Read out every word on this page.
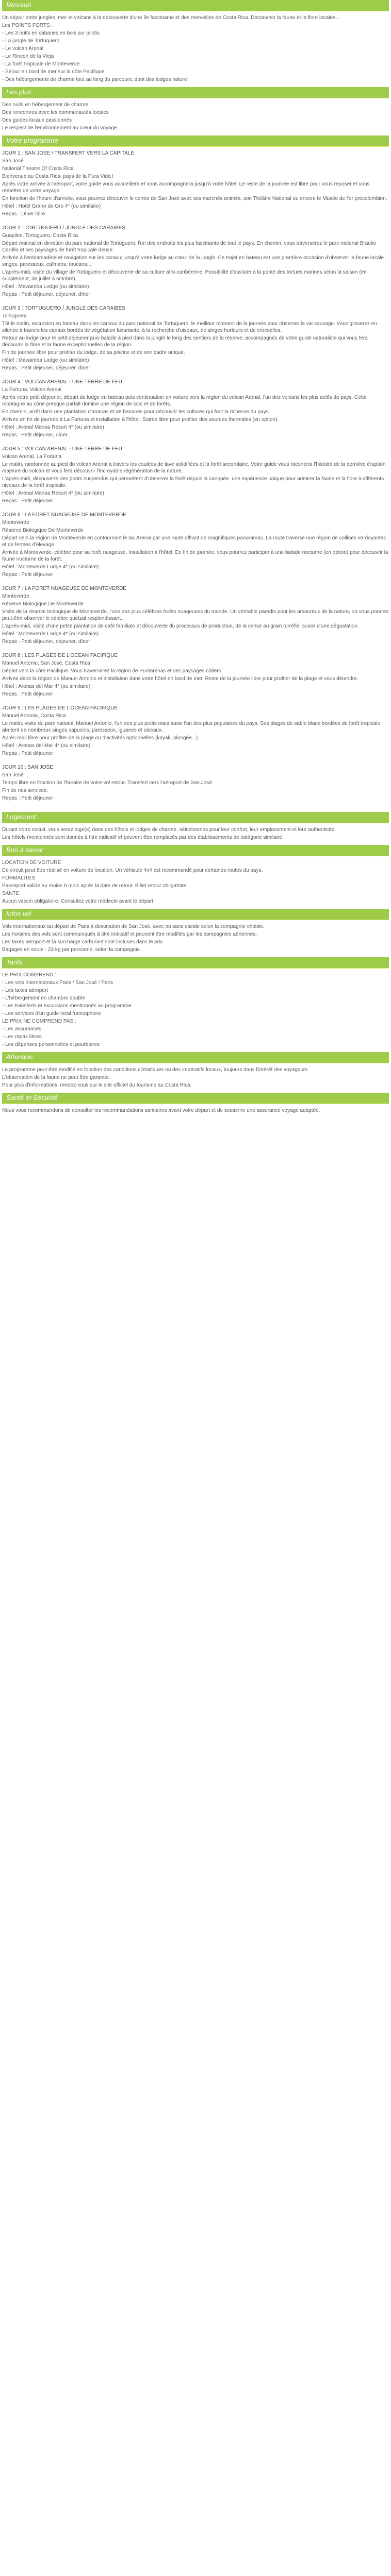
Résumé

Un séjour entre jungles, mer et volcans à la découverte d'une île fascinante et des merveilles de Costa Rica. Découvrez la faune et la flore locales...

Les POINTS FORTS :

- Les 3 nuits en cabanes en bois sur pilotis

- La jungle de Tortuguero

- Le volcan Arenal

- Le Rincon de la Vieja

- La forêt tropicale de Monteverde

- Séjour en bord de mer sur la côte Pacifique

- Des hébergements de charme tout au long du parcours, dont des lodges nature

Les plus

Des nuits en hébergement de charme

Des rencontres avec les communautés locales

Des guides locaux passionnés

Le respect de l'environnement au cœur du voyage

Votre programme
JOUR 1 : SAN JOSE / TRANSFERT VERS LA CAPITALE

San José

National Theatre Of Costa Rica

Bienvenue au Costa Rica, pays de la Pura Vida !

Après votre arrivée à l'aéroport, votre guide vous accueillera et vous accompagnera jusqu'à votre hôtel. Le reste de la journée est libre pour vous reposer et vous remettre de votre voyage.

En fonction de l'heure d'arrivée, vous pourrez découvrir le centre de San José avec ses marchés animés, son Théâtre National ou encore le Musée de l'or précolombien.

Hôtel : Hotel Grano de Oro 4* (ou similaire)

Repas : Dîner libre

JOUR 2 : TORTUGUERO / JUNGLE DES CARAIBES

Guapiles, Tortuguero, Costa Rica

Départ matinal en direction du parc national de Tortuguero, l'un des endroits les plus fascinants de tout le pays. En chemin, vous traverserez le parc national Braulio Carrillo et ses paysages de forêt tropicale dense.

Arrivée à l'embarcadère et navigation sur les canaux jusqu'à votre lodge au cœur de la jungle. Ce trajet en bateau est une première occasion d'observer la faune locale : singes, paresseux, caïmans, toucans...

L'après-midi, visite du village de Tortuguero et découverte de sa culture afro-caribéenne. Possibilité d'assister à la ponte des tortues marines selon la saison (en supplément, de juillet à octobre).

Hôtel : Mawamba Lodge (ou similaire)

Repas : Petit déjeuner, déjeuner, dîner

JOUR 3 : TORTUGUERO / JUNGLE DES CARAIBES

Tortuguero

Tôt le matin, excursion en bateau dans les canaux du parc national de Tortuguero, le meilleur moment de la journée pour observer la vie sauvage. Vous glisserez en silence à travers les canaux bordés de végétation luxuriante, à la recherche d'oiseaux, de singes hurleurs et de crocodiles.

Retour au lodge pour le petit déjeuner puis balade à pied dans la jungle le long des sentiers de la réserve, accompagnés de votre guide naturaliste qui vous fera découvrir la flore et la faune exceptionnelles de la région.

Fin de journée libre pour profiter du lodge, de sa piscine et de son cadre unique.

Hôtel : Mawamba Lodge (ou similaire)

Repas : Petit déjeuner, déjeuner, dîner

JOUR 4 : VOLCAN ARENAL - UNE TERRE DE FEU

La Fortuna, Volcan Arenal

Après votre petit déjeuner, départ du lodge en bateau puis continuation en voiture vers la région du volcan Arenal, l'un des volcans les plus actifs du pays. Cette montagne au cône presque parfait domine une région de lacs et de forêts.

En chemin, arrêt dans une plantation d'ananas et de bananes pour découvrir les cultures qui font la richesse du pays.

Arrivée en fin de journée à La Fortuna et installation à l'hôtel. Soirée libre pour profiter des sources thermales (en option).

Hôtel : Arenal Manoa Resort 4* (ou similaire)

Repas : Petit déjeuner, dîner

JOUR 5 : VOLCAN ARENAL - UNE TERRE DE FEU

Volcan Arenal, La Fortuna

Le matin, randonnée au pied du volcan Arenal à travers les coulées de lave solidifiées et la forêt secondaire. Votre guide vous racontera l'histoire de la dernière éruption majeure du volcan et vous fera découvrir l'incroyable régénération de la nature.

L'après-midi, découverte des ponts suspendus qui permettent d'observer la forêt depuis la canopée, une expérience unique pour admirer la faune et la flore à différents niveaux de la forêt tropicale.

Hôtel : Arenal Manoa Resort 4* (ou similaire)

Repas : Petit déjeuner

JOUR 6 : LA FORET NUAGEUSE DE MONTEVERDE

Monteverde

Réserve Biologique De Monteverde

Départ vers la région de Monteverde en contournant le lac Arenal par une route offrant de magnifiques panoramas. La route traverse une région de collines verdoyantes et de fermes d'élevage.

Arrivée à Monteverde, célèbre pour sa forêt nuageuse. Installation à l'hôtel. En fin de journée, vous pourrez participer à une balade nocturne (en option) pour découvrir la faune nocturne de la forêt.

Hôtel : Monteverde Lodge 4* (ou similaire)

Repas : Petit déjeuner

JOUR 7 : LA FORET NUAGEUSE DE MONTEVERDE

Monteverde

Réserve Biologique De Monteverde

Visite de la réserve biologique de Monteverde, l'une des plus célèbres forêts nuageuses du monde. Un véritable paradis pour les amoureux de la nature, où vous pourrez peut-être observer le célèbre quetzal resplendissant.

L'après-midi, visite d'une petite plantation de café familiale et découverte du processus de production, de la cerise au grain torréfié, suivie d'une dégustation.

Hôtel : Monteverde Lodge 4* (ou similaire)

Repas : Petit déjeuner, déjeuner, dîner

JOUR 8 : LES PLAGES DE L'OCEAN PACIFIQUE

Manuel Antonio, San José, Costa Rica

Départ vers la côte Pacifique. Vous traverserez la région de Puntarenas et ses paysages côtiers.

Arrivée dans la région de Manuel Antonio et installation dans votre hôtel en bord de mer. Reste de la journée libre pour profiter de la plage et vous détendre.

Hôtel : Arenas del Mar 4* (ou similaire)

Repas : Petit déjeuner

JOUR 9 : LES PLAGES DE L'OCEAN PACIFIQUE

Manuel Antonio, Costa Rica

Le matin, visite du parc national Manuel Antonio, l'un des plus petits mais aussi l'un des plus populaires du pays. Ses plages de sable blanc bordées de forêt tropicale abritent de nombreux singes capucins, paresseux, iguanes et oiseaux.

Après-midi libre pour profiter de la plage ou d'activités optionnelles (kayak, plongée...).

Hôtel : Arenas del Mar 4* (ou similaire)

Repas : Petit déjeuner

JOUR 10 : SAN JOSE

San José

Temps libre en fonction de l'horaire de votre vol retour. Transfert vers l'aéroport de San José.

Fin de nos services.

Repas : Petit déjeuner

Logement

Durant votre circuit, vous serez logé(e) dans des hôtels et lodges de charme, sélectionnés pour leur confort, leur emplacement et leur authenticité.

Les hôtels mentionnés sont donnés à titre indicatif et peuvent être remplacés par des établissements de catégorie similaire.

Bon à savoir

LOCATION DE VOITURE

Ce circuit peut être réalisé en voiture de location. Un véhicule 4x4 est recommandé pour certaines routes du pays.

FORMALITES

Passeport valide au moins 6 mois après la date de retour. Billet retour obligatoire.

SANTE

Aucun vaccin obligatoire. Consultez votre médecin avant le départ.

Infos vol

Vols internationaux au départ de Paris à destination de San José, avec ou sans escale selon la compagnie choisie.

Les horaires des vols sont communiqués à titre indicatif et peuvent être modifiés par les compagnies aériennes.

Les taxes aéroport et la surcharge carburant sont incluses dans le prix.

Bagages en soute : 23 kg par personne, selon la compagnie.

Tarifs

LE PRIX COMPREND :

- Les vols internationaux Paris / San José / Paris

- Les taxes aéroport

- L'hébergement en chambre double

- Les transferts et excursions mentionnés au programme

- Les services d'un guide local francophone

LE PRIX NE COMPREND PAS :

- Les assurances

- Les repas libres

- Les dépenses personnelles et pourboires

Attention

Le programme peut être modifié en fonction des conditions climatiques ou des impératifs locaux, toujours dans l'intérêt des voyageurs.

L'observation de la faune ne peut être garantie.

Pour plus d'informations, rendez-vous sur le site officiel du tourisme au Costa Rica.

Santé et Sécurité

Nous vous recommandons de consulter les recommandations sanitaires avant votre départ et de souscrire une assurance voyage adaptée.
